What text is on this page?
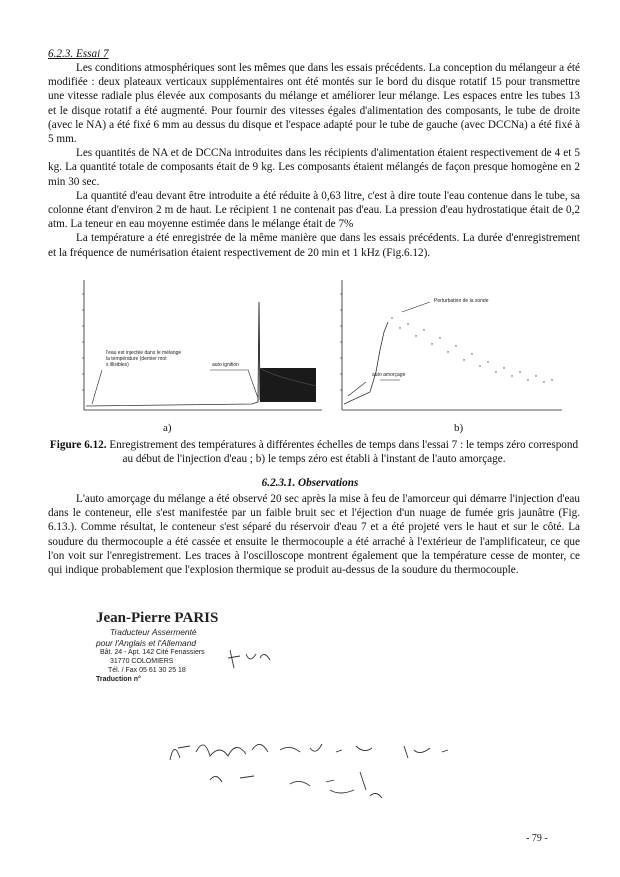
6.2.3. Essai 7

Les conditions atmosphériques sont les mêmes que dans les essais précédents. La conception du mélangeur a été modifiée : deux plateaux verticaux supplémentaires ont été montés sur le bord du disque rotatif 15 pour transmettre une vitesse radiale plus élevée aux composants du mélange et améliorer leur mélange. Les espaces entre les tubes 13 et le disque rotatif a été augmenté. Pour fournir des vitesses égales d'alimentation des composants, le tube de droite (avec le NA) a été fixé 6 mm au dessus du disque et l'espace adapté pour le tube de gauche (avec DCCNa) a été fixé à 5 mm.

Les quantités de NA et de DCCNa introduites dans les récipients d'alimentation étaient respectivement de 4 et 5 kg. La quantité totale de composants était de 9 kg. Les composants étaient mélangés de façon presque homogène en 2 min 30 sec.

La quantité d'eau devant être introduite a été réduite à 0,63 litre, c'est à dire toute l'eau contenue dans le tube, sa colonne étant d'environ 2 m de haut. Le récipient 1 ne contenait pas d'eau. La pression d'eau hydrostatique était de 0,2 atm. La teneur en eau moyenne estimée dans le mélange était de 7%

La température a été enregistrée de la même manière que dans les essais précédents. La durée d'enregistrement et la fréquence de numérisation étaient respectivement de 20 min et 1 kHz (Fig.6.12).

l'eau est injectée dans le mélange la température (dernier mot s illisibles)	auto ignition
a)
Perturbation de la sonde
auto amorçage
b)
Figure 6.12. Enregistrement des températures à différentes échelles de temps dans l'essai 7 : le temps zéro correspond au début de l'injection d'eau ; b) le temps zéro est établi à l'instant de l'auto amorçage.
6.2.3.1. Observations

L'auto amorçage du mélange a été observé 20 sec après la mise à feu de l'amorceur qui démarre l'injection d'eau dans le conteneur, elle s'est manifestée par un faible bruit sec et l'éjection d'un nuage de fumée gris jaunâtre (Fig. 6.13.). Comme résultat, le conteneur s'est séparé du réservoir d'eau 7 et a été projeté vers le haut et sur le côté. La soudure du thermocouple a été cassée et ensuite le thermocouple a été arraché à l'extérieur de l'amplificateur, ce que l'on voit sur l'enregistrement. Les traces à l'oscilloscope montrent également que la température cesse de monter, ce qui indique probablement que l'explosion thermique se produit au-dessus de la soudure du thermocouple.

Jean-Pierre PARIS
Traducteur Assermenté
pour l'Anglais et l'Allemand
Bât. 24 - Apt. 142 Cité Fenassiers
31770 COLOMIERS
Tél. / Fax 05 61 30 25 18
Traduction n°
- 79 -
